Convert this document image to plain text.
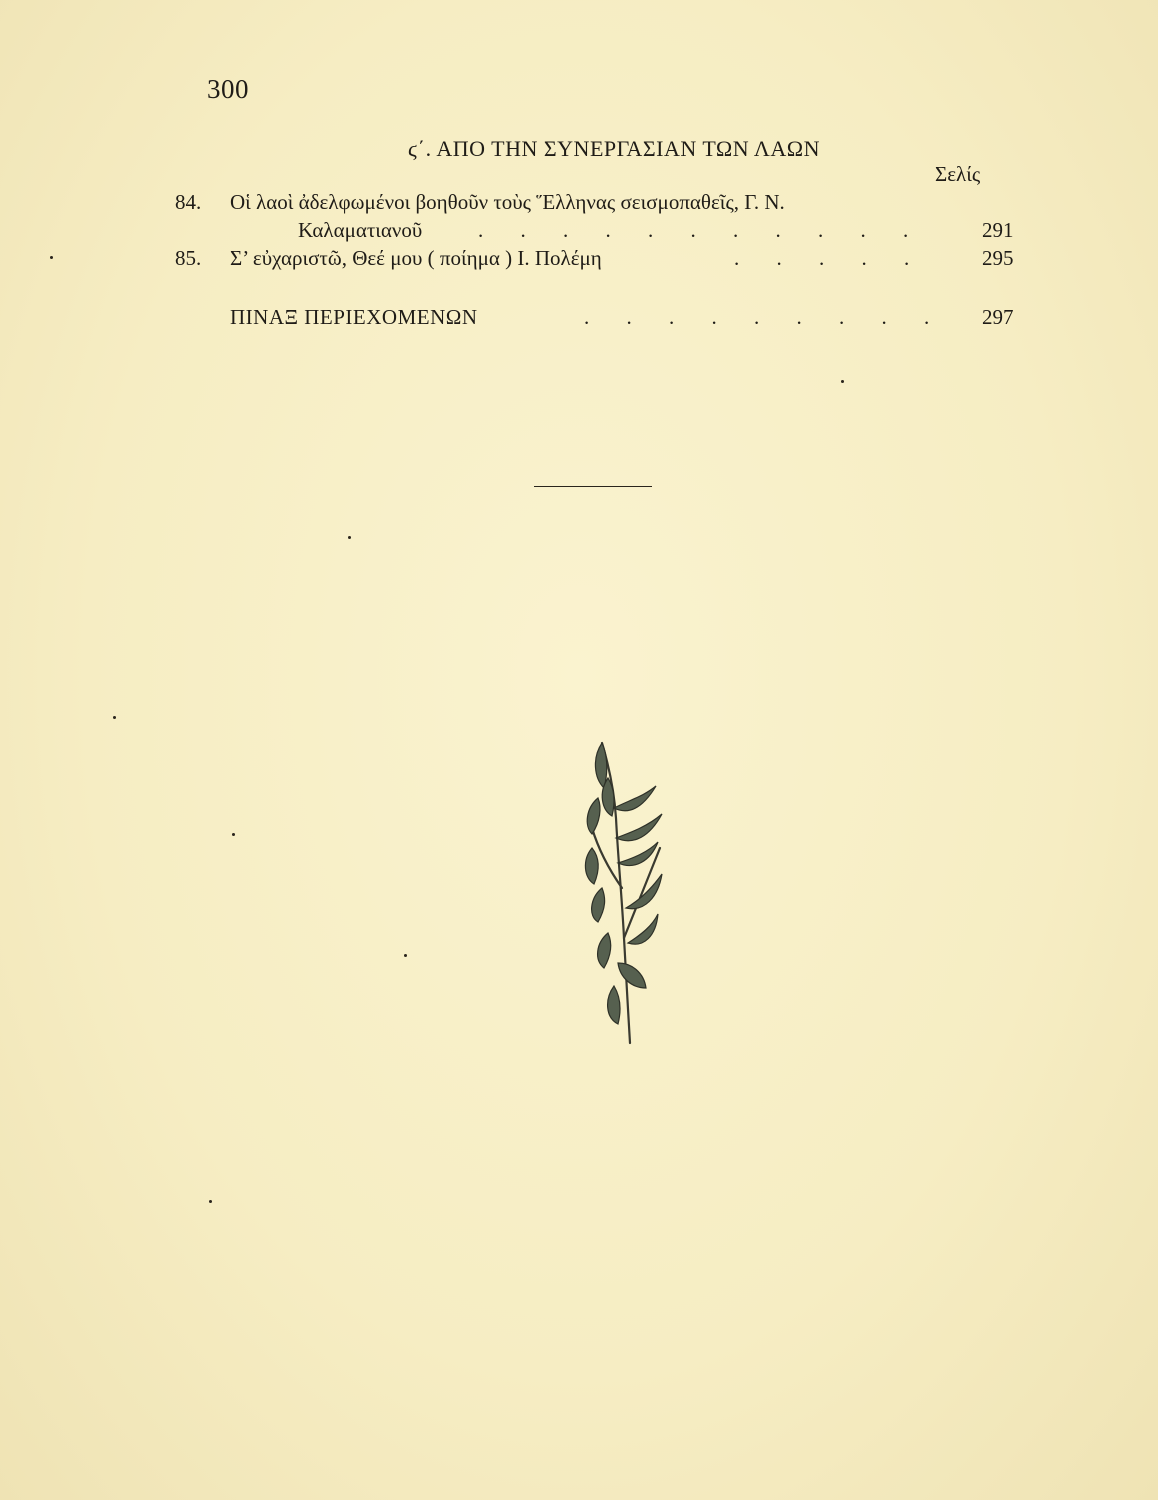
300
ϛ΄. ΑΠΟ ΤΗΝ ΣΥΝΕΡΓΑΣΙΑΝ ΤΩΝ ΛΑΩΝ
Σελίς
84. Οἱ λαοὶ ἀδελφωμένοι βοηθοῦν τοὺς Ἕλληνας σεισμοπαθεῖς, Γ. Ν.
Καλαματιανοῦ	. . . . . . . . . . .	291
85. Σ’ εὐχαριστῶ, Θεέ μου ( ποίημα ) Ι. Πολέμη	. . . . .	295
ΠΙΝΑΞ ΠΕΡΙΕΧΟΜΕΝΩΝ	. . . . . . . . . 297
